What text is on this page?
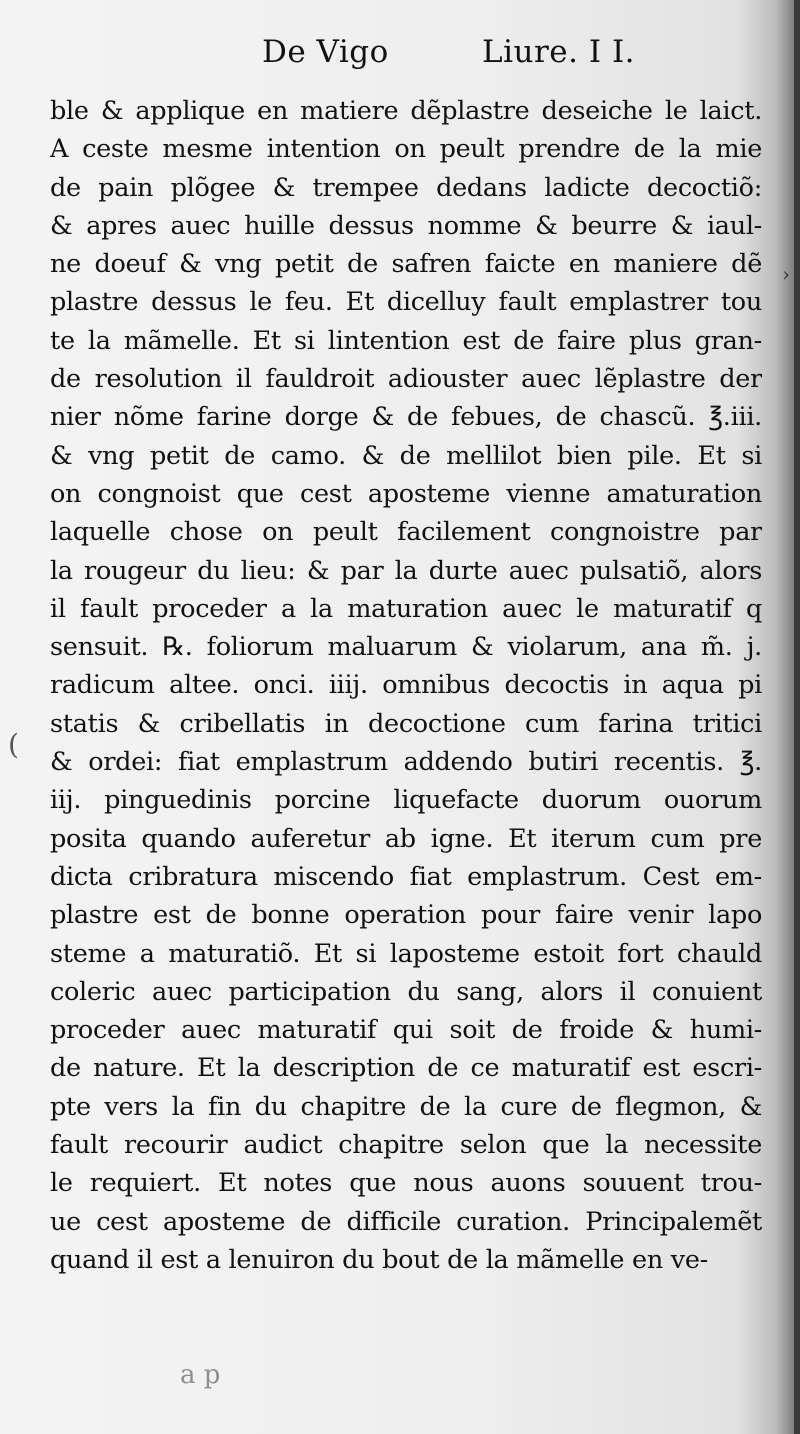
De Vigo	Liure. I I.
ble & applique en matiere dẽplastre deseiche le laict.
A ceste mesme intention on peult prendre de la mie
de pain plõgee & trempee dedans ladicte decoctiõ:
& apres auec huille dessus nomme & beurre & iaul-
ne doeuf & vng petit de safren faicte en maniere dẽ
plastre dessus le feu. Et dicelluy fault emplastrer tou
te la mãmelle. Et si lintention est de faire plus gran-
de resolution il fauldroit adiouster auec lẽplastre der
nier nõme farine dorge & de febues, de chascũ. ℥.iii.
& vng petit de camo. & de mellilot bien pile. Et si
on congnoist que cest aposteme vienne amaturation
laquelle chose on peult facilement congnoistre par
la rougeur du lieu: & par la durte auec pulsatiõ, alors
il fault proceder a la maturation auec le maturatif q
sensuit. ℞. foliorum maluarum & violarum, ana m̃. j.
radicum altee. onci. iiij. omnibus decoctis in aqua pi
statis & cribellatis in decoctione cum farina tritici
& ordei: fiat emplastrum addendo butiri recentis. ℥.
iij. pinguedinis porcine liquefacte duorum ouorum
posita quando auferetur ab igne. Et iterum cum pre
dicta cribratura miscendo fiat emplastrum. Cest em-
plastre est de bonne operation pour faire venir lapo
steme a maturatiõ. Et si laposteme estoit fort chauld
coleric auec participation du sang, alors il conuient
proceder auec maturatif qui soit de froide & humi-
de nature. Et la description de ce maturatif est escri-
pte vers la fin du chapitre de la cure de flegmon, &
fault recourir audict chapitre selon que la necessite
le requiert. Et notes que nous auons souuent trou-
ue cest aposteme de difficile curation. Principalemẽt
quand il est a lenuiron du bout de la mãmelle en ve-
a p
›
(
